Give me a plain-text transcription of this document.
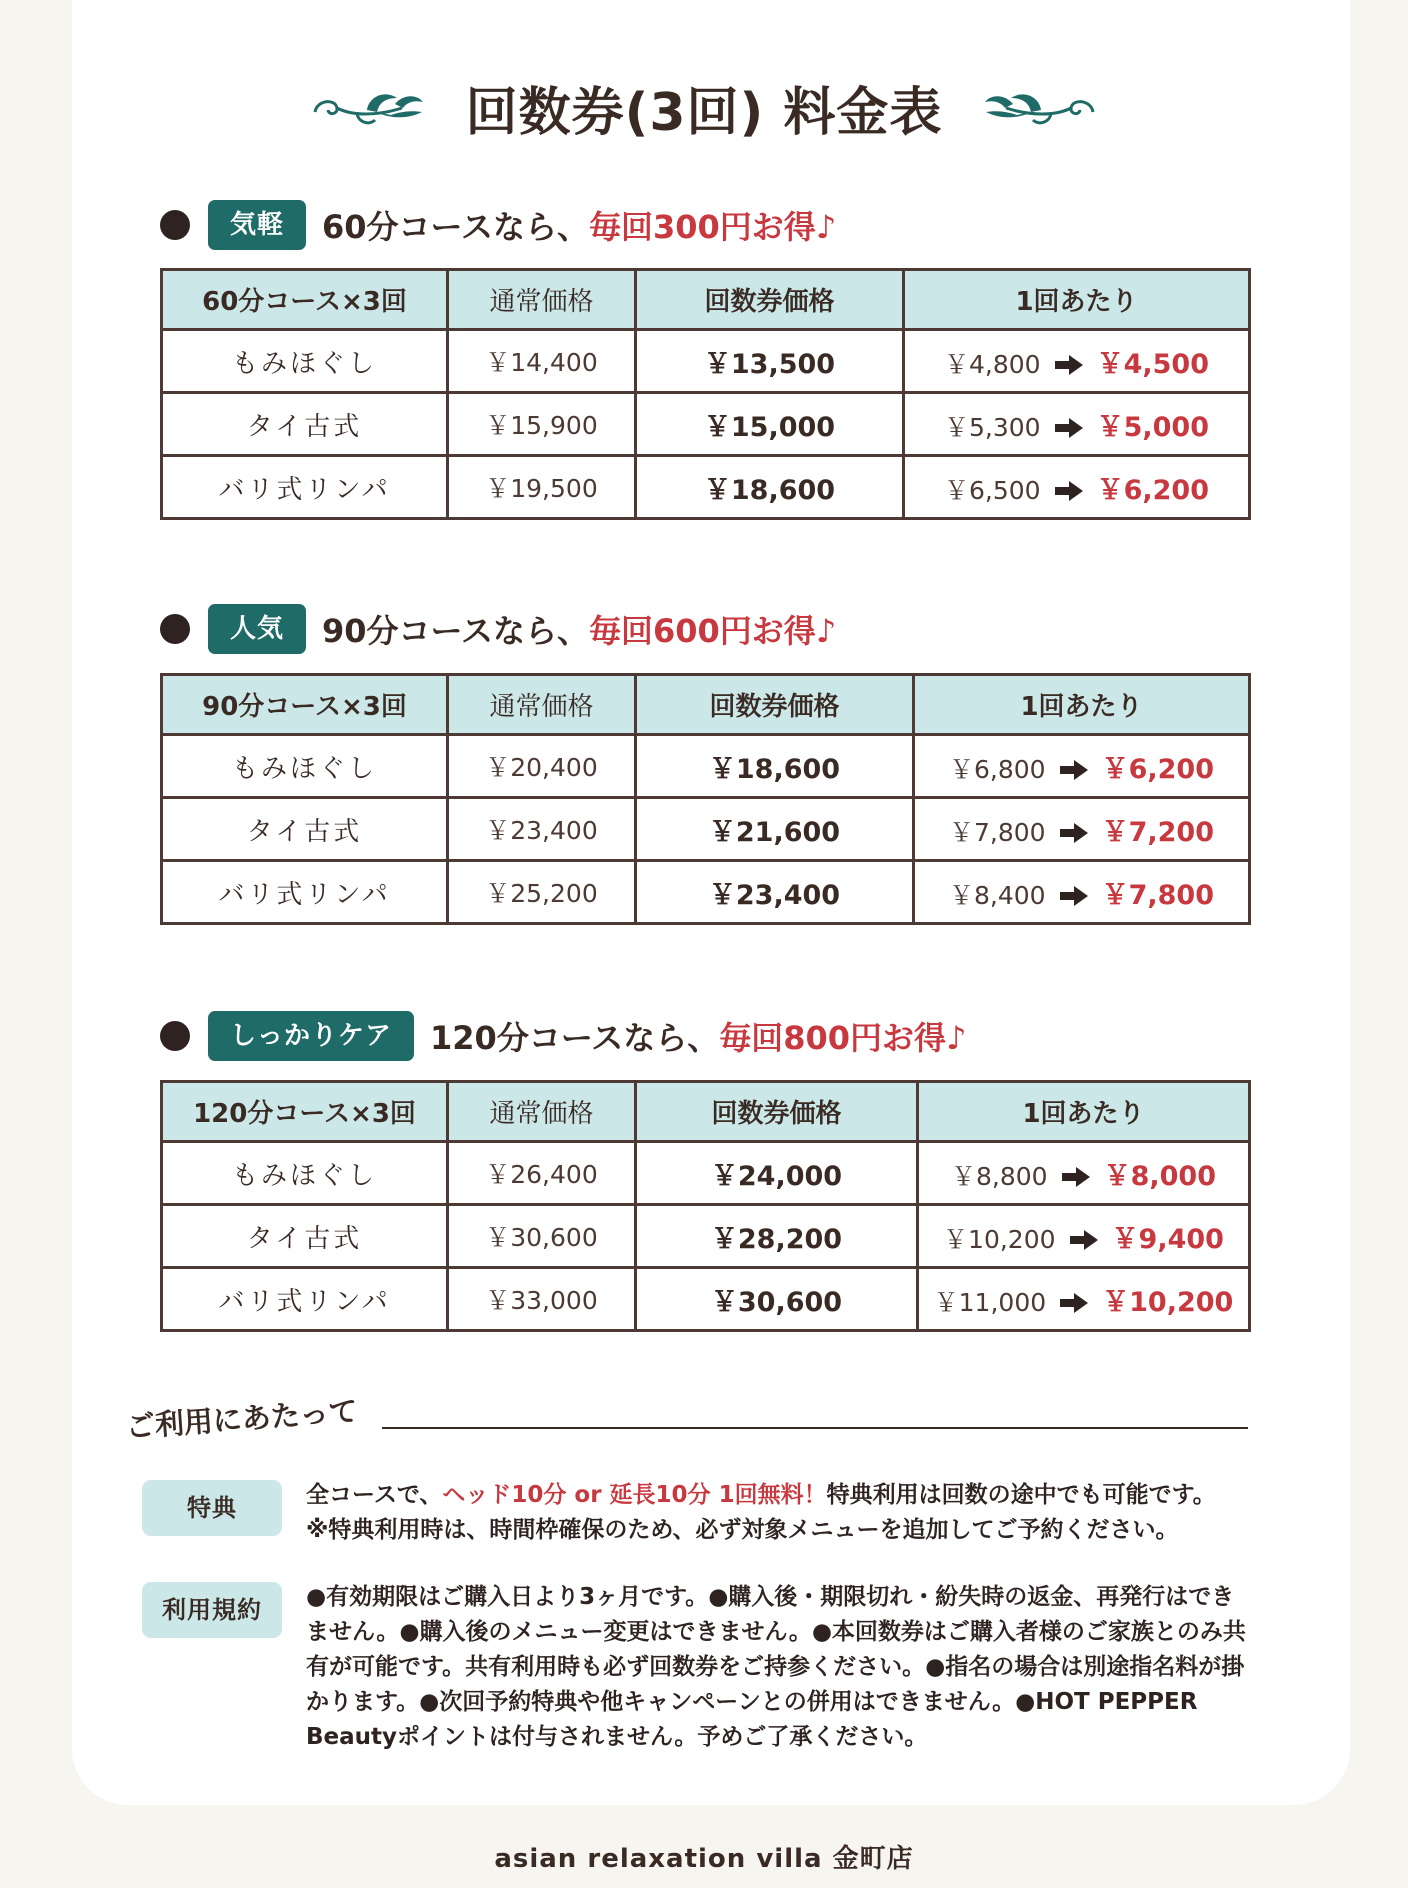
回数券(3回) 料金表
気軽	60分コースなら、毎回300円お得♪
60分コース×3回	通常価格	回数券価格	1回あたり
もみほぐし	￥14,400	￥13,500	￥4,800 ￥4,500
タイ古式	￥15,900	￥15,000	￥5,300 ￥5,000
バリ式リンパ	￥19,500	￥18,600	￥6,500 ￥6,200
人気	90分コースなら、毎回600円お得♪
90分コース×3回	通常価格	回数券価格	1回あたり
もみほぐし	￥20,400	￥18,600	￥6,800 ￥6,200
タイ古式	￥23,400	￥21,600	￥7,800 ￥7,200
バリ式リンパ	￥25,200	￥23,400	￥8,400 ￥7,800
しっかりケア	120分コースなら、毎回800円お得♪
120分コース×3回	通常価格	回数券価格	1回あたり
もみほぐし	￥26,400	￥24,000	￥8,800 ￥8,000
タイ古式	￥30,600	￥28,200	￥10,200 ￥9,400
バリ式リンパ	￥33,000	￥30,600	￥11,000 ￥10,200
ご利用にあたって
特典	全コースで、ヘッド10分 or 延長10分 1回無料！特典利用は回数の途中でも可能です。
※特典利用時は、時間枠確保のため、必ず対象メニューを追加してご予約ください。
利用規約	●有効期限はご購入日より3ヶ月です。●購入後・期限切れ・紛失時の返金、再発行はできません。●購入後のメニュー変更はできません。●本回数券はご購入者様のご家族とのみ共有が可能です。共有利用時も必ず回数券をご持参ください。●指名の場合は別途指名料が掛かります。●次回予約特典や他キャンペーンとの併用はできません。●HOT PEPPER Beautyポイントは付与されません。予めご了承ください。
asian relaxation villa 金町店
